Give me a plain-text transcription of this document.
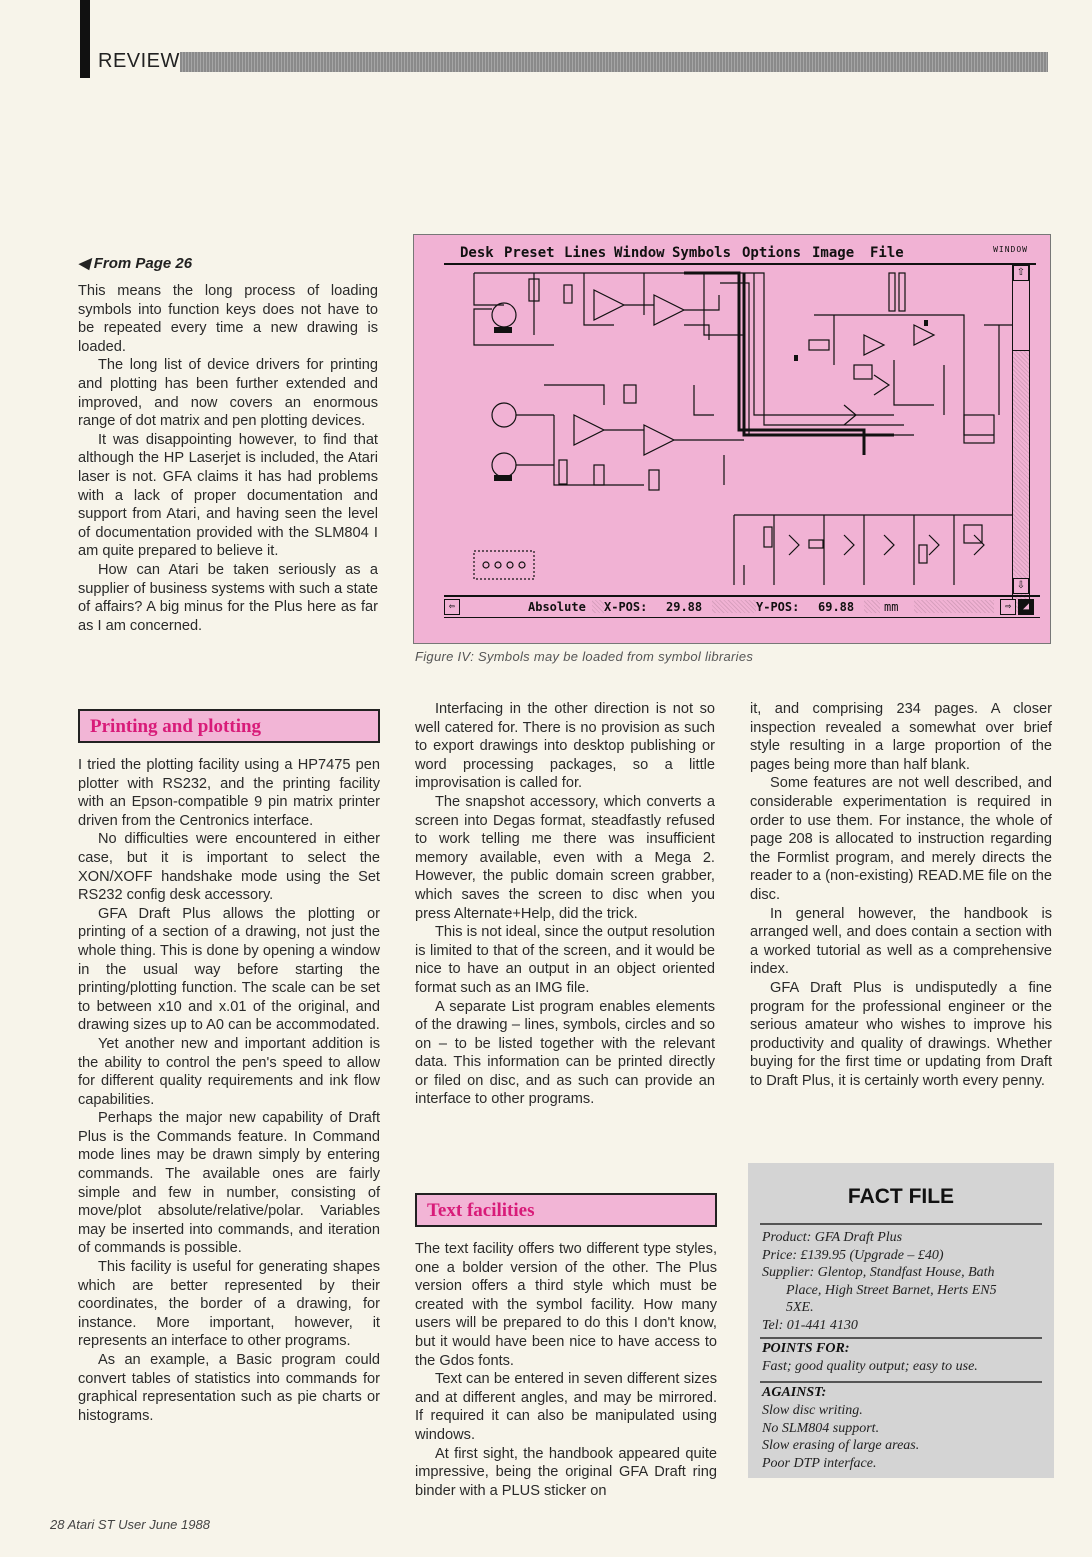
REVIEW
◀ From Page 26

This means the long process of loading symbols into function keys does not have to be repeated every time a new drawing is loaded.

The long list of device drivers for printing and plotting has been further extended and improved, and now covers an enormous range of dot matrix and pen plotting devices.

It was disappointing however, to find that although the HP Laserjet is included, the Atari laser is not. GFA claims it has had problems with a lack of proper documentation and support from Atari, and having seen the level of documentation provided with the SLM804 I am quite prepared to believe it.

How can Atari be taken seriously as a supplier of business systems with such a state of affairs? A big minus for the Plus here as far as I am concerned.

Desk Preset Lines Window Symbols Options Image File	WINDOW
⇧
⇩
⇦	Absolute X-POS: 29.88	Y-POS: 69.88 mm	⇨	◢
Figure IV: Symbols may be loaded from symbol libraries
Printing and plotting

I tried the plotting facility using a HP7475 pen plotter with RS232, and the printing facility with an Epson-compatible 9 pin matrix printer driven from the Centronics interface.

No difficulties were encountered in either case, but it is important to select the XON/XOFF handshake mode using the Set RS232 config desk accessory.

GFA Draft Plus allows the plotting or printing of a section of a drawing, not just the whole thing. This is done by opening a window in the usual way before starting the printing/plotting function. The scale can be set to between x10 and x.01 of the original, and drawing sizes up to A0 can be accommodated.

Yet another new and important addition is the ability to control the pen's speed to allow for different quality requirements and ink flow capabilities.

Perhaps the major new capability of Draft Plus is the Commands feature. In Command mode lines may be drawn simply by entering commands. The available ones are fairly simple and few in number, consisting of move/plot absolute/relative/polar. Variables may be inserted into commands, and iteration of commands is possible.

This facility is useful for generating shapes which are better represented by their coordinates, the border of a drawing, for instance. More important, however, it represents an interface to other programs.

As an example, a Basic program could convert tables of statistics into commands for graphical representation such as pie charts or histograms.

Interfacing in the other direction is not so well catered for. There is no provision as such to export drawings into desktop publishing or word processing packages, so a little improvisation is called for.

The snapshot accessory, which converts a screen into Degas format, steadfastly refused to work telling me there was insufficient memory available, even with a Mega 2. However, the public domain screen grabber, which saves the screen to disc when you press Alternate+Help, did the trick.

This is not ideal, since the output resolution is limited to that of the screen, and it would be nice to have an output in an object oriented format such as an IMG file.

A separate List program enables elements of the drawing – lines, symbols, circles and so on – to be listed together with the relevant data. This information can be printed directly or filed on disc, and as such can provide an interface to other programs.

Text facilities

The text facility offers two different type styles, one a bolder version of the other. The Plus version offers a third style which must be created with the symbol facility. How many users will be prepared to do this I don't know, but it would have been nice to have access to the Gdos fonts.

Text can be entered in seven different sizes and at different angles, and may be mirrored. If required it can also be manipulated using windows.

At first sight, the handbook appeared quite impressive, being the original GFA Draft ring binder with a PLUS sticker on

it, and comprising 234 pages. A closer inspection revealed a somewhat over brief style resulting in a large proportion of the pages being more than half blank.

Some features are not well described, and considerable experimentation is required in order to use them. For instance, the whole of page 208 is allocated to instruction regarding the Formlist program, and merely directs the reader to a (non-existing) READ.ME file on the disc.

In general however, the handbook is arranged well, and does contain a section with a worked tutorial as well as a comprehensive index.

GFA Draft Plus is undisputedly a fine program for the professional engineer or the serious amateur who wishes to improve his productivity and quality of drawings. Whether buying for the first time or updating from Draft to Draft Plus, it is certainly worth every penny.

FACT FILE
Product: GFA Draft Plus
Price: £139.95 (Upgrade – £40)
Supplier: Glentop, Standfast House, Bath
Place, High Street Barnet, Herts EN5
5XE.
Tel: 01-441 4130
POINTS FOR:
Fast; good quality output; easy to use.
AGAINST:
Slow disc writing.
No SLM804 support.
Slow erasing of large areas.
Poor DTP interface.
28 Atari ST User June 1988
